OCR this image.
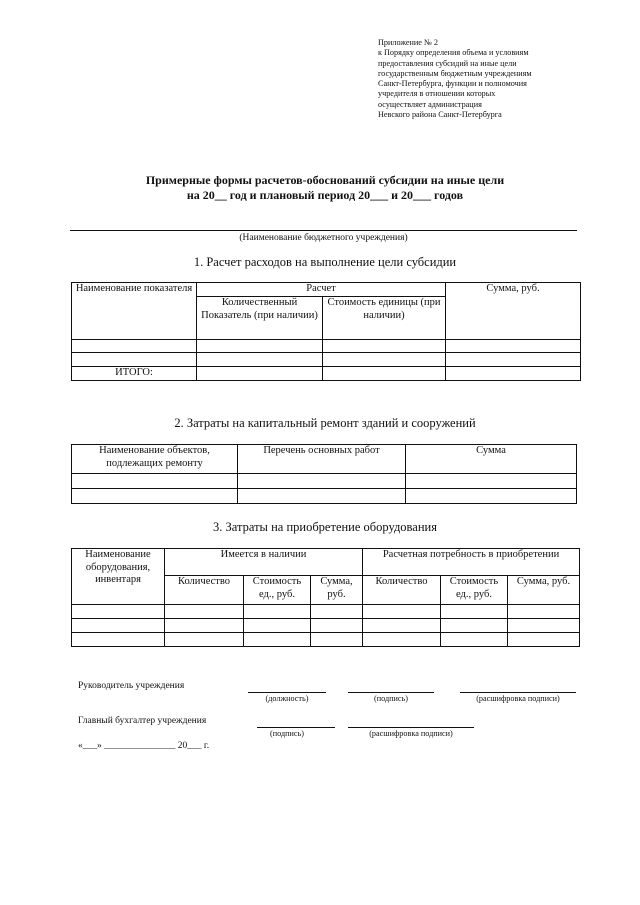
Приложение № 2
к Порядку определения объема и условиям
предоставления субсидий на иные цели
государственным бюджетным учреждениям
Санкт-Петербурга, функции и полномочия
учредителя в отношении которых
осуществляет администрация
Невского района Санкт-Петербурга
Примерные формы расчетов-обоснований субсидии на иные цели
на 20__ год и плановый период 20___ и 20___ годов
(Наименование бюджетного учреждения)
1. Расчет расходов на выполнение цели субсидии
Наименование показателя	Расчет		Сумма, руб.
	Количественный Показатель (при наличии)	Стоимость единицы (при наличии)	

ИТОГО:			
2. Затраты на капитальный ремонт зданий и сооружений
Наименование объектов, подлежащих ремонту	Перечень основных работ	Сумма

3. Затраты на приобретение оборудования
Наименование оборудования, инвентаря	Имеется в наличии			Расчетная потребность в приобретении		
	Количество	Стоимость ед., руб.	Сумма, руб.	Количество	Стоимость ед., руб.	Сумма, руб.

Руководитель учреждения
(должность)	(подпись)	(расшифровка подписи)
Главный бухгалтер учреждения
(подпись)	(расшифровка подписи)
«___» _______________ 20___ г.
